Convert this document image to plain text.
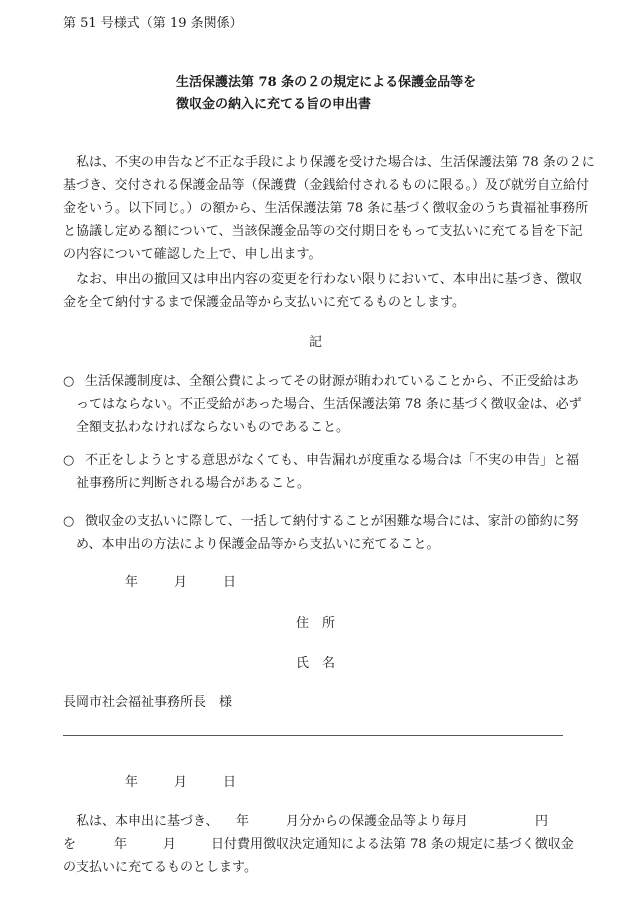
第 51 号様式（第 19 条関係）
生活保護法第 78 条の２の規定による保護金品等を
徴収金の納入に充てる旨の申出書
私は、不実の申告など不正な手段により保護を受けた場合は、生活保護法第 78 条の２に
基づき、交付される保護金品等（保護費（金銭給付されるものに限る。）及び就労自立給付
金をいう。以下同じ。）の額から、生活保護法第 78 条に基づく徴収金のうち貴福祉事務所
と協議し定める額について、当該保護金品等の交付期日をもって支払いに充てる旨を下記
の内容について確認した上で、申し出ます。
なお、申出の撤回又は申出内容の変更を行わない限りにおいて、本申出に基づき、徴収
金を全て納付するまで保護金品等から支払いに充てるものとします。
記
○ 生活保護制度は、全額公費によってその財源が賄われていることから、不正受給はあ
ってはならない。不正受給があった場合、生活保護法第 78 条に基づく徴収金は、必ず
全額支払わなければならないものであること。
○ 不正をしようとする意思がなくても、申告漏れが度重なる場合は「不実の申告」と福
祉事務所に判断される場合があること。
○ 徴収金の支払いに際して、一括して納付することが困難な場合には、家計の節約に努
め、本申出の方法により保護金品等から支払いに充てること。
年	月	日
住　所
氏　名
長岡市社会福祉事務所長　様
年	月	日
私は、本申出に基づき、 年	月分からの保護金品等より毎月	円
を	年	月	日付費用徴収決定通知による法第 78 条の規定に基づく徴収金
の支払いに充てるものとします。
